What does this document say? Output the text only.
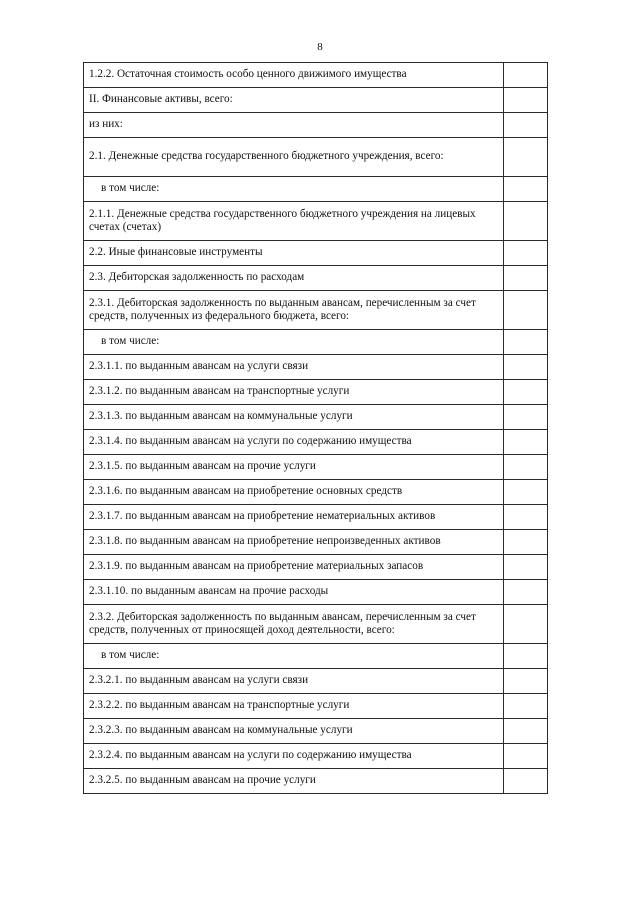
8
1.2.2. Остаточная стоимость особо ценного движимого имущества	
II. Финансовые активы, всего:	
из них:	
2.1. Денежные средства государственного бюджетного учреждения, всего:	
в том числе:	
2.1.1. Денежные средства государственного бюджетного учреждения на лицевых счетах (счетах)	
2.2. Иные финансовые инструменты	
2.3. Дебиторская задолженность по расходам	
2.3.1. Дебиторская задолженность по выданным авансам, перечисленным за счет средств, полученных из федерального бюджета, всего:	
в том числе:	
2.3.1.1. по выданным авансам на услуги связи	
2.3.1.2. по выданным авансам на транспортные услуги	
2.3.1.3. по выданным авансам на коммунальные услуги	
2.3.1.4. по выданным авансам на услуги по содержанию имущества	
2.3.1.5. по выданным авансам на прочие услуги	
2.3.1.6. по выданным авансам на приобретение основных средств	
2.3.1.7. по выданным авансам на приобретение нематериальных активов	
2.3.1.8. по выданным авансам на приобретение непроизведенных активов	
2.3.1.9. по выданным авансам на приобретение материальных запасов	
2.3.1.10. по выданным авансам на прочие расходы	
2.3.2. Дебиторская задолженность по выданным авансам, перечисленным за счет средств, полученных от приносящей доход деятельности, всего:	
в том числе:	
2.3.2.1. по выданным авансам на услуги связи	
2.3.2.2. по выданным авансам на транспортные услуги	
2.3.2.3. по выданным авансам на коммунальные услуги	
2.3.2.4. по выданным авансам на услуги по содержанию имущества	
2.3.2.5. по выданным авансам на прочие услуги	
